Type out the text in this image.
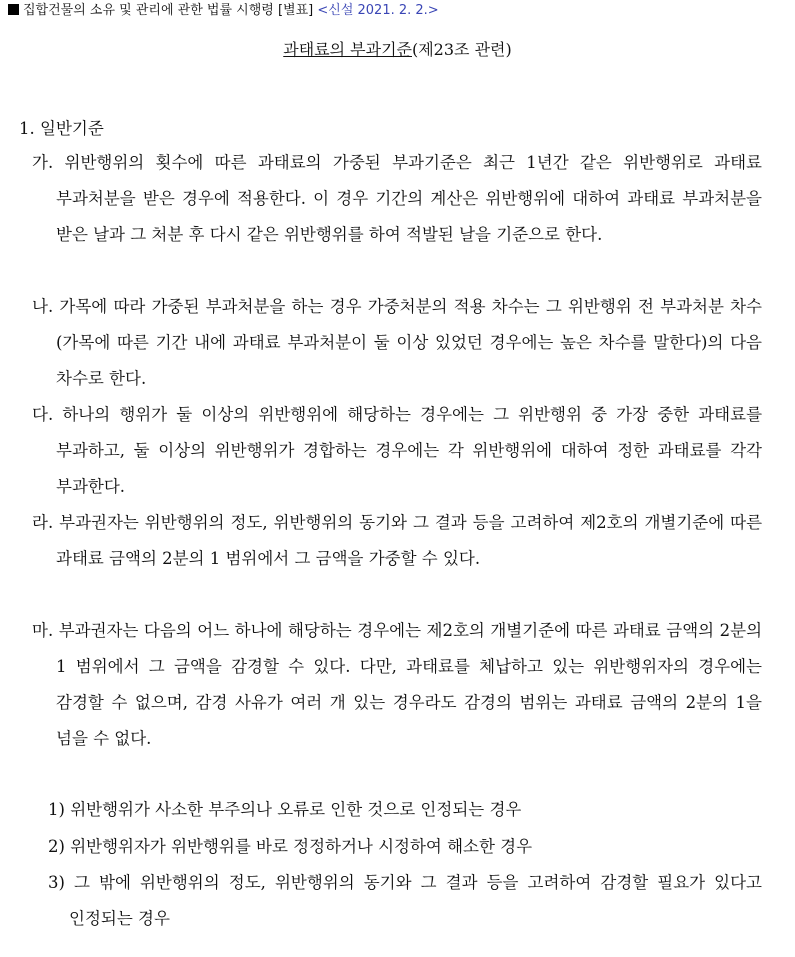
집합건물의 소유 및 관리에 관한 법률 시행령 [별표] <신설 2021. 2. 2.>
과태료의 부과기준(제23조 관련)
1. 일반기준
가. 위반행위의 횟수에 따른 과태료의 가중된 부과기준은 최근 1년간 같은 위반행위로 과태료 부과처분을 받은 경우에 적용한다. 이 경우 기간의 계산은 위반행위에 대하여 과태료 부과처분을 받은 날과 그 처분 후 다시 같은 위반행위를 하여 적발된 날을 기준으로 한다.
나. 가목에 따라 가중된 부과처분을 하는 경우 가중처분의 적용 차수는 그 위반행위 전 부과처분 차수(가목에 따른 기간 내에 과태료 부과처분이 둘 이상 있었던 경우에는 높은 차수를 말한다)의 다음 차수로 한다.
다. 하나의 행위가 둘 이상의 위반행위에 해당하는 경우에는 그 위반행위 중 가장 중한 과태료를 부과하고, 둘 이상의 위반행위가 경합하는 경우에는 각 위반행위에 대하여 정한 과태료를 각각 부과한다.
라. 부과권자는 위반행위의 정도, 위반행위의 동기와 그 결과 등을 고려하여 제2호의 개별기준에 따른 과태료 금액의 2분의 1 범위에서 그 금액을 가중할 수 있다.
마. 부과권자는 다음의 어느 하나에 해당하는 경우에는 제2호의 개별기준에 따른 과태료 금액의 2분의 1 범위에서 그 금액을 감경할 수 있다. 다만, 과태료를 체납하고 있는 위반행위자의 경우에는 감경할 수 없으며, 감경 사유가 여러 개 있는 경우라도 감경의 범위는 과태료 금액의 2분의 1을 넘을 수 없다.
1) 위반행위가 사소한 부주의나 오류로 인한 것으로 인정되는 경우
2) 위반행위자가 위반행위를 바로 정정하거나 시정하여 해소한 경우
3) 그 밖에 위반행위의 정도, 위반행위의 동기와 그 결과 등을 고려하여 감경할 필요가 있다고 인정되는 경우
